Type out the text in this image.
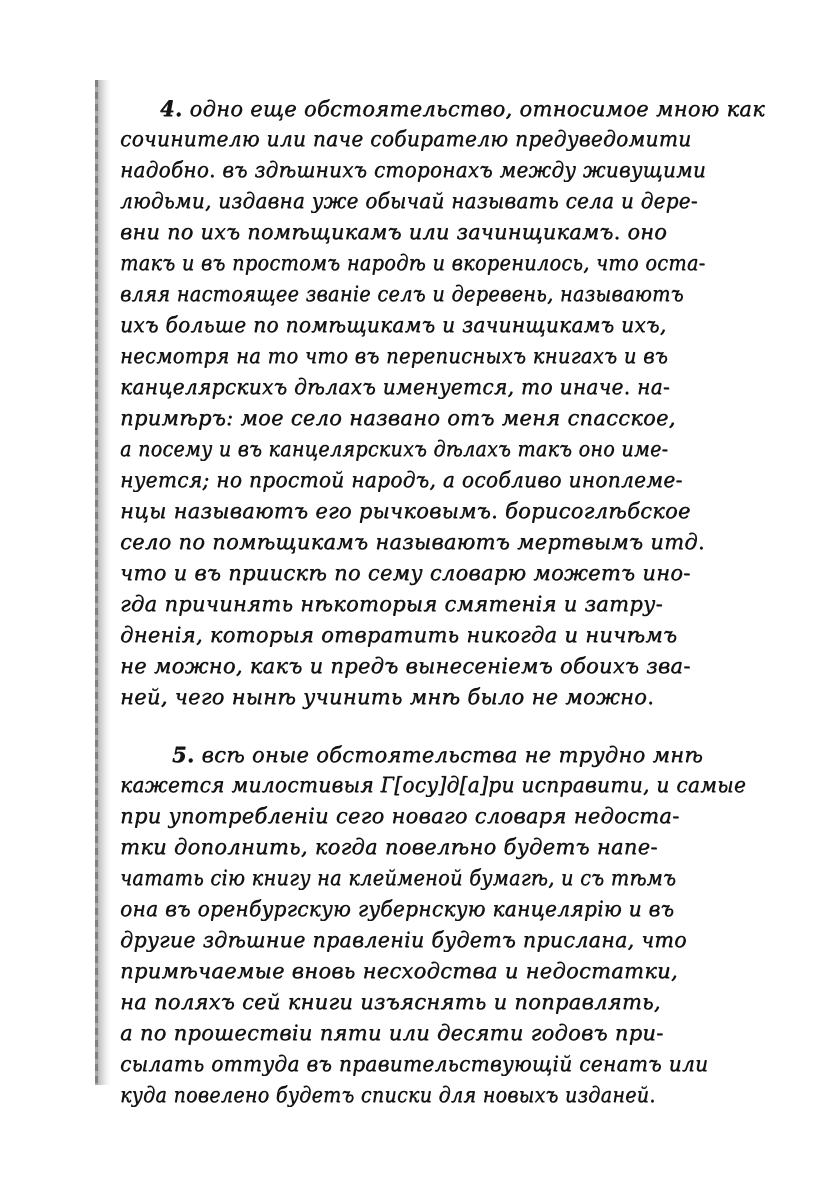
4. одно еще обстоятельство, относимое мною как
сочинителю или паче собирателю предуведомити
надобно. въ здѣшнихъ сторонахъ между живущими
людьми, издавна уже обычай называть села и дере-
вни по ихъ помѣщикамъ или зачинщикамъ. оно
такъ и въ простомъ народѣ и вкоренилось, что оста-
вляя настоящее званіе селъ и деревень, называютъ
ихъ больше по помѣщикамъ и зачинщикамъ ихъ,
несмотря на то что въ переписныхъ книгахъ и въ
канцелярскихъ дѣлахъ именуется, то иначе. на-
примѣръ: мое село названо отъ меня спасское,
а посему и въ канцелярскихъ дѣлахъ такъ оно име-
нуется; но простой народъ, а особливо иноплеме-
нцы называютъ его рычковымъ. борисоглѣбское
село по помѣщикамъ называютъ мертвымъ итд.
что и въ приискѣ по сему словарю можетъ ино-
гда причинять нѣкоторыя смятенія и затру-
дненія, которыя отвратить никогда и ничѣмъ
не можно, какъ и предъ вынесеніемъ обоихъ зва-
ней, чего нынѣ учинить мнѣ было не можно.
5. всѣ оные обстоятельства не трудно мнѣ
кажется милостивыя Г[осу]д[а]ри исправити, и самые
при употребленіи сего новаго словаря недоста-
тки дополнить, когда повелѣно будетъ напе-
чатать сію книгу на клейменой бумагѣ, и съ тѣмъ
она въ оренбургскую губернскую канцелярію и въ
другие здѣшние правленіи будетъ прислана, что
примѣчаемые вновь несходства и недостатки,
на поляхъ сей книги изъяснять и поправлять,
а по прошествіи пяти или десяти годовъ при-
сылать оттуда въ правительствующій сенатъ или
куда повелено будетъ списки для новыхъ изданей.
